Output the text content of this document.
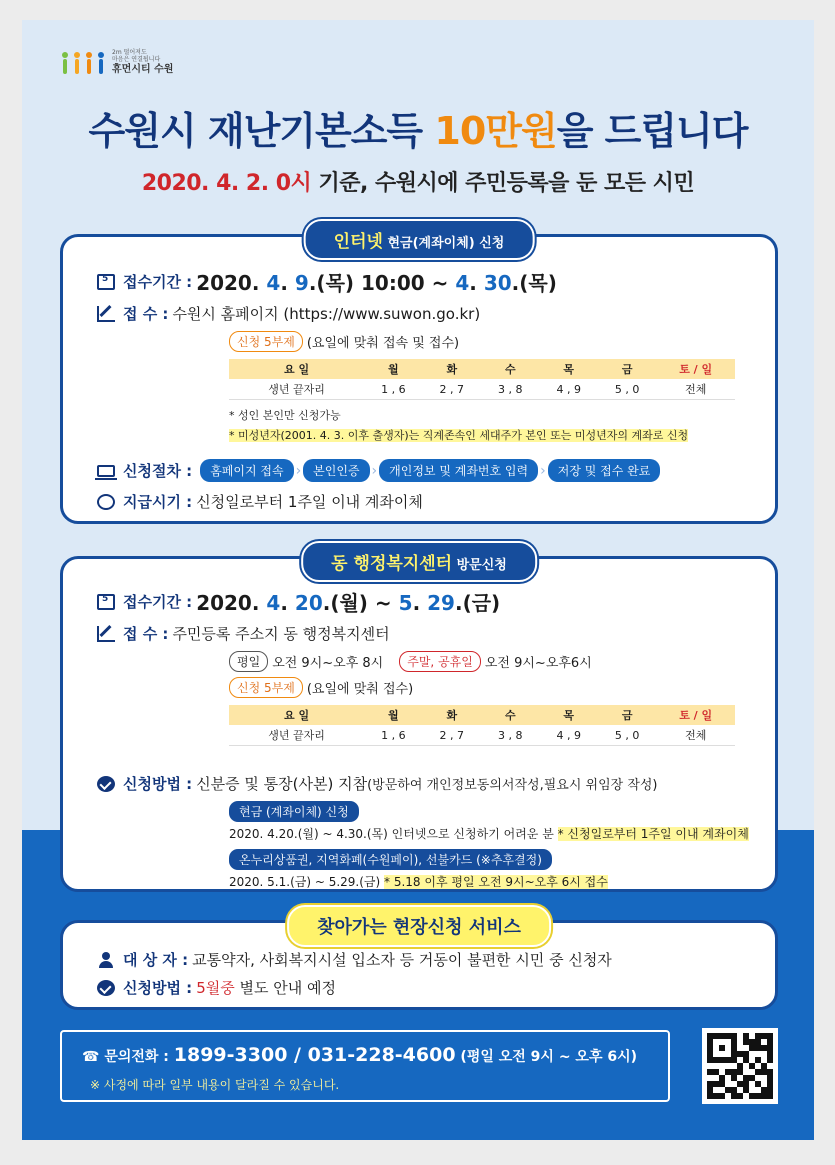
2m 떨어져도
마음은 연결됩니다
휴먼시티 수원
수원시 재난기본소득 10만원을 드립니다
2020. 4. 2. 0시 기준, 수원시에 주민등록을 둔 모든 시민
인터넷 현금(계좌이체) 신청
5
접수기간 : 2020. 4. 9.(목) 10:00 ~ 4. 30.(목)
접 수 : 수원시 홈페이지 (https://www.suwon.go.kr)
신청 5부제 (요일에 맞춰 접속 및 접수)
요 일	월	화	수	목	금	토 / 일
생년 끝자리	1 , 6	2 , 7	3 , 8	4 , 9	5 , 0	전체
* 성인 본인만 신청가능
* 미성년자(2001. 4. 3. 이후 출생자)는 직계존속인 세대주가 본인 또는 미성년자의 계좌로 신청
신청절차 :	홈페이지 접속 ›	본인인증 ›	개인정보 및 계좌번호 입력 ›	저장 및 접수 완료
지급시기 : 신청일로부터 1주일 이내 계좌이체
동 행정복지센터 방문신청
5
접수기간 : 2020. 4. 20.(월) ~ 5. 29.(금)
접 수 : 주민등록 주소지 동 행정복지센터
평일 오전 9시~오후 8시	주말, 공휴일 오전 9시~오후6시
신청 5부제 (요일에 맞춰 접수)
요 일	월	화	수	목	금	토 / 일
생년 끝자리	1 , 6	2 , 7	3 , 8	4 , 9	5 , 0	전체
신청방법 : 신분증 및 통장(사본) 지참 (방문하여 개인정보동의서작성,필요시 위임장 작성)
현금 (계좌이체) 신청
2020. 4.20.(월) ~ 4.30.(목) 인터넷으로 신청하기 어려운 분 * 신청일로부터 1주일 이내 계좌이체
온누리상품권, 지역화폐(수원페이), 선불카드 (※추후결정)
2020. 5.1.(금) ~ 5.29.(금) * 5.18 이후 평일 오전 9시~오후 6시 접수
찾아가는 현장신청 서비스
대 상 자 : 교통약자, 사회복지시설 입소자 등 거동이 불편한 시민 중 신청자
신청방법 : 5월중 별도 안내 예정
☎ 문의전화 : 1899-3300 / 031-228-4600 (평일 오전 9시 ~ 오후 6시)
※ 사정에 따라 일부 내용이 달라질 수 있습니다.
